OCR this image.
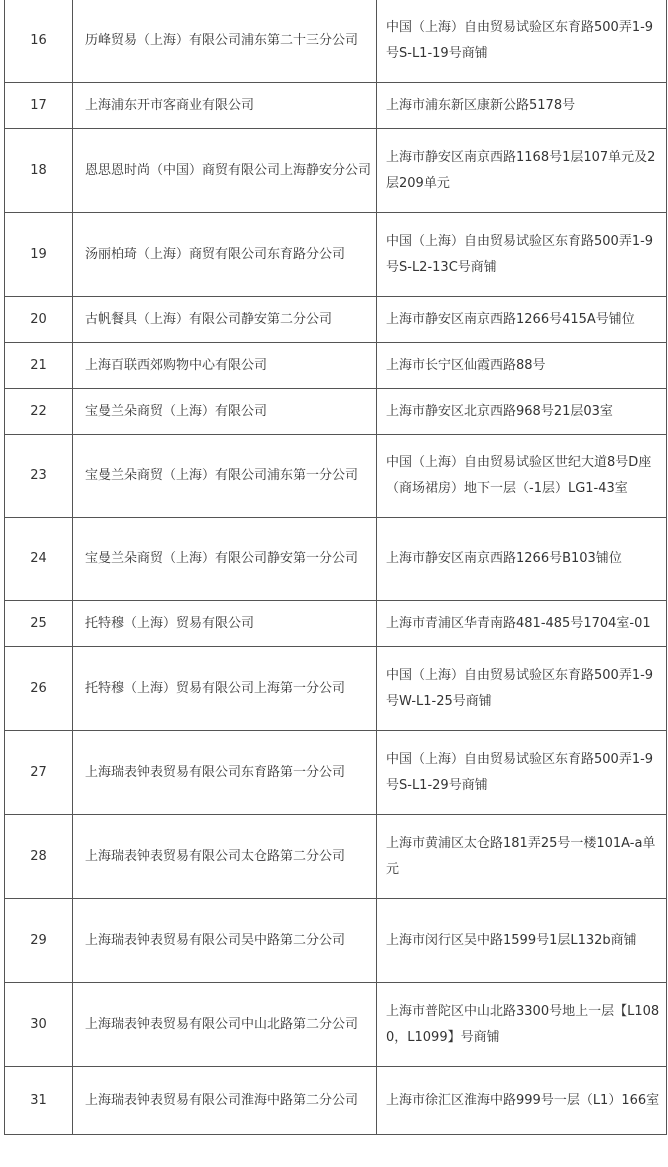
16	历峰贸易（上海）有限公司浦东第二十三分公司	中国（上海）自由贸易试验区东育路500弄1-9号S-L1-19号商铺

17	上海浦东开市客商业有限公司	上海市浦东新区康新公路5178号

18	恩思恩时尚（中国）商贸有限公司上海静安分公司	上海市静安区南京西路1168号1层107单元及2层209单元

19	汤丽柏琦（上海）商贸有限公司东育路分公司	中国（上海）自由贸易试验区东育路500弄1-9号S-L2-13C号商铺

20	古帆餐具（上海）有限公司静安第二分公司	上海市静安区南京西路1266号415A号铺位

21	上海百联西郊购物中心有限公司	上海市长宁区仙霞西路88号

22	宝曼兰朵商贸（上海）有限公司	上海市静安区北京西路968号21层03室

23	宝曼兰朵商贸（上海）有限公司浦东第一分公司	中国（上海）自由贸易试验区世纪大道8号D座（商场裙房）地下一层（-1层）LG1-43室

24	宝曼兰朵商贸（上海）有限公司静安第一分公司	上海市静安区南京西路1266号B103铺位

25	托特穆（上海）贸易有限公司	上海市青浦区华青南路481-485号1704室-01

26	托特穆（上海）贸易有限公司上海第一分公司	中国（上海）自由贸易试验区东育路500弄1-9号W-L1-25号商铺

27	上海瑞表钟表贸易有限公司东育路第一分公司	中国（上海）自由贸易试验区东育路500弄1-9号S-L1-29号商铺

28	上海瑞表钟表贸易有限公司太仓路第二分公司	上海市黄浦区太仓路181弄25号一楼101A-a单元

29	上海瑞表钟表贸易有限公司吴中路第二分公司	上海市闵行区吴中路1599号1层L132b商铺

30	上海瑞表钟表贸易有限公司中山北路第二分公司	上海市普陀区中山北路3300号地上一层【L1080，L1099】号商铺

31	上海瑞表钟表贸易有限公司淮海中路第二分公司	上海市徐汇区淮海中路999号一层（L1）166室
